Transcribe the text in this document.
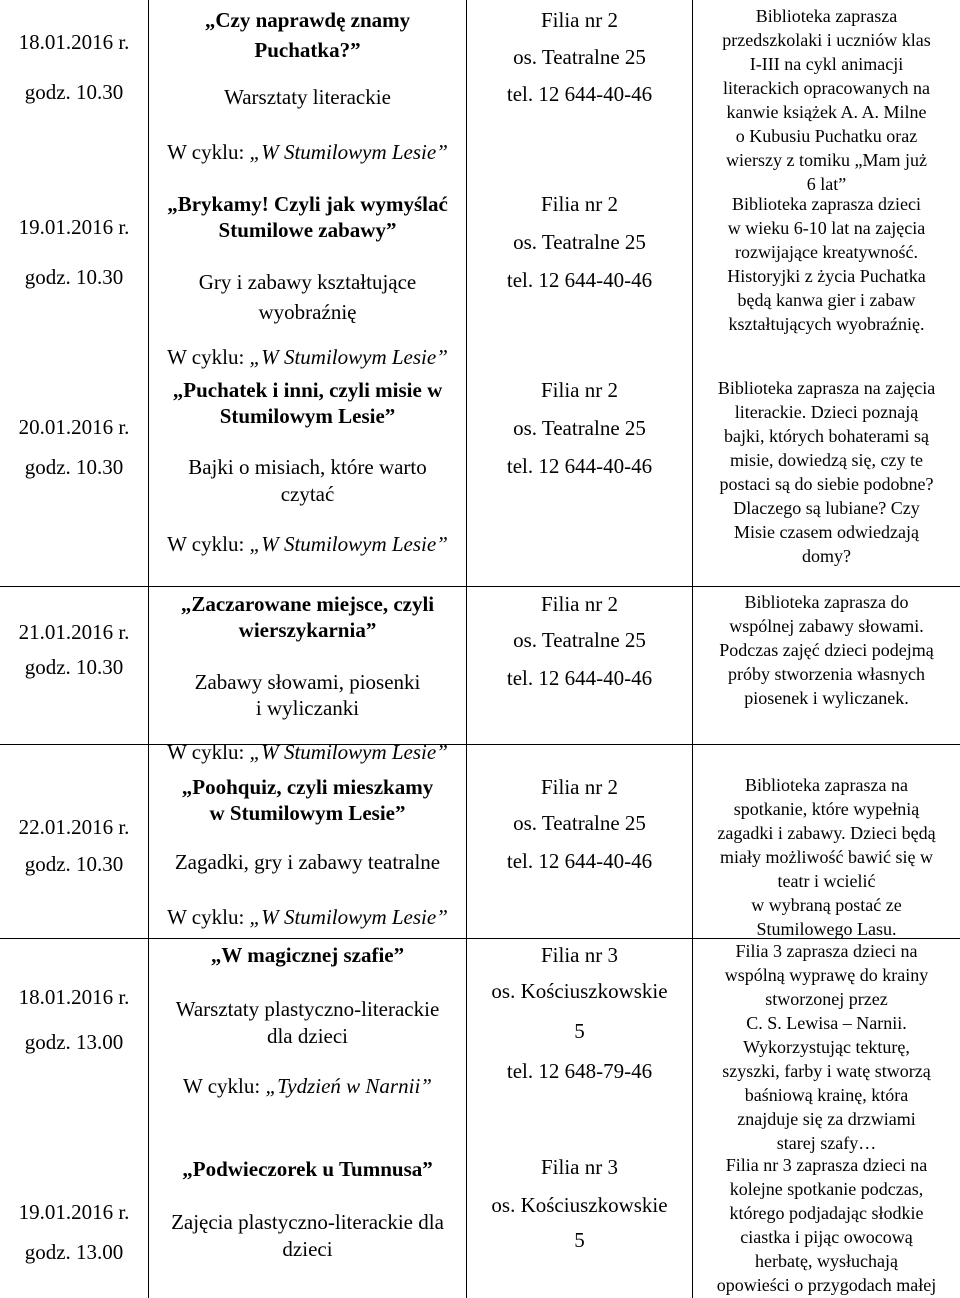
18.01.2016 r.
godz. 10.30
„Czy naprawdę znamy
Puchatka?”
Warsztaty literackie
W cyklu: „W Stumilowym Lesie”
Filia nr 2
os. Teatralne 25
tel. 12 644-40-46
Biblioteka zaprasza
przedszkolaki i uczniów klas
I-III na cykl animacji
literackich opracowanych na
kanwie książek A. A. Milne
o Kubusiu Puchatku oraz
wierszy z tomiku „Mam już
6 lat”
19.01.2016 r.
godz. 10.30
„Brykamy! Czyli jak wymyślać
Stumilowe zabawy”
Gry i zabawy kształtujące
wyobraźnię
W cyklu: „W Stumilowym Lesie”
Filia nr 2
os. Teatralne 25
tel. 12 644-40-46
Biblioteka zaprasza dzieci
w wieku 6-10 lat na zajęcia
rozwijające kreatywność.
Historyjki z życia Puchatka
będą kanwa gier i zabaw
kształtujących wyobraźnię.
20.01.2016 r.
godz. 10.30
„Puchatek i inni, czyli misie w
Stumilowym Lesie”
Bajki o misiach, które warto
czytać
W cyklu: „W Stumilowym Lesie”
Filia nr 2
os. Teatralne 25
tel. 12 644-40-46
Biblioteka zaprasza na zajęcia
literackie. Dzieci poznają
bajki, których bohaterami są
misie, dowiedzą się, czy te
postaci są do siebie podobne?
Dlaczego są lubiane? Czy
Misie czasem odwiedzają
domy?
21.01.2016 r.
godz. 10.30
„Zaczarowane miejsce, czyli
wierszykarnia”
Zabawy słowami, piosenki
i wyliczanki
W cyklu: „W Stumilowym Lesie”
Filia nr 2
os. Teatralne 25
tel. 12 644-40-46
Biblioteka zaprasza do
wspólnej zabawy słowami.
Podczas zajęć dzieci podejmą
próby stworzenia własnych
piosenek i wyliczanek.
22.01.2016 r.
godz. 10.30
„Poohquiz, czyli mieszkamy
w Stumilowym Lesie”
Zagadki, gry i zabawy teatralne
W cyklu: „W Stumilowym Lesie”
Filia nr 2
os. Teatralne 25
tel. 12 644-40-46
Biblioteka zaprasza na
spotkanie, które wypełnią
zagadki i zabawy. Dzieci będą
miały możliwość bawić się w
teatr i wcielić
w wybraną postać ze
Stumilowego Lasu.
18.01.2016 r.
godz. 13.00
„W magicznej szafie”
Warsztaty plastyczno-literackie
dla dzieci
W cyklu: „Tydzień w Narnii”
Filia nr 3
os. Kościuszkowskie
5
tel. 12 648-79-46
Filia 3 zaprasza dzieci na
wspólną wyprawę do krainy
stworzonej przez
C. S. Lewisa – Narnii.
Wykorzystując tekturę,
szyszki, farby i watę stworzą
baśniową krainę, która
znajduje się za drzwiami
starej szafy…
19.01.2016 r.
godz. 13.00
„Podwieczorek u Tumnusa”
Zajęcia plastyczno-literackie dla
dzieci
Filia nr 3
os. Kościuszkowskie
5
Filia nr 3 zaprasza dzieci na
kolejne spotkanie podczas,
którego podjadając słodkie
ciastka i pijąc owocową
herbatę, wysłuchają
opowieści o przygodach małej
